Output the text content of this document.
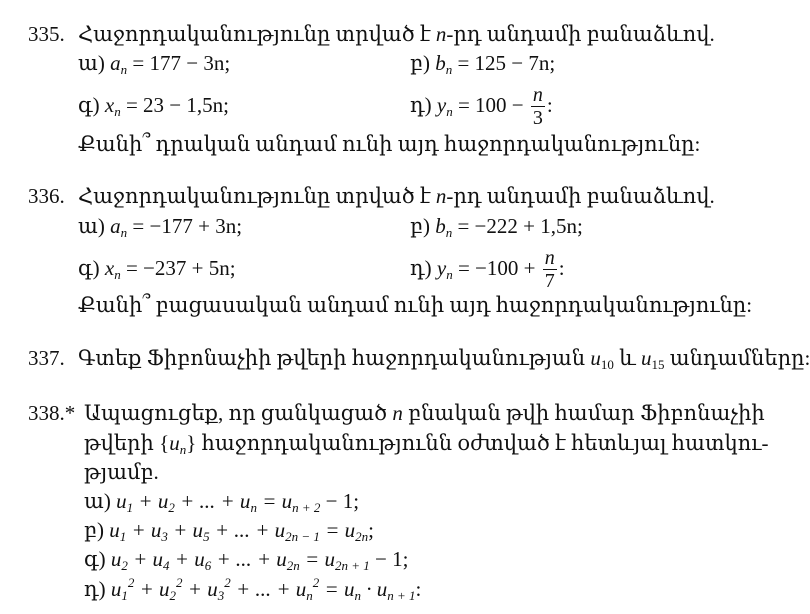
335. Հաջորդականությունը տրված է n-րդ անդամի բանաձևով.
ա) $a_n = 177 - 3n$;	բ) $b_n = 125 - 7n$;
գ) $x_n = 23 - 1,5n$;	դ) $y_n = 100 - \frac{n}{3}$ :
Քանի՞ դրական անդամ ունի այդ հաջորդականությունը:
336. Հաջորդականությունը տրված է n-րդ անդամի բանաձևով.
ա) $a_n = -177 + 3n$;	բ) $b_n = -222 + 1,5n$;
գ) $x_n = -237 + 5n$;	դ) $y_n = -100 + \frac{n}{7}$ :
Քանի՞ բացասական անդամ ունի այդ հաջորդականությունը:
337. Գտեք Ֆիբոնաչիի թվերի հաջորդականության $u_{10}$ և $u_{15}$ անդամները:
338.* Ապացուցեք, որ ցանկացած n բնական թվի համար Ֆիբոնաչիի
թվերի $\{u_n\}$ հաջորդականությունն օժտված է հետևյալ հատկու-
թյամբ.
ա) $u_1 + u_2$ + ... + $u_n = u_{n + 2} - 1$;
բ) $u_1 + u_3 + u_5$ + ... + $u_{2n - 1} = u_{2n}$;
գ) $u_2 + u_4 + u_6$ + ... + $u_{2n} = u_{2n + 1} - 1$;
դ) $u_1^2 + u_2^2 + u_3^2$ + ... + $u_n^2 = u_n \cdot u_{n + 1}$:
